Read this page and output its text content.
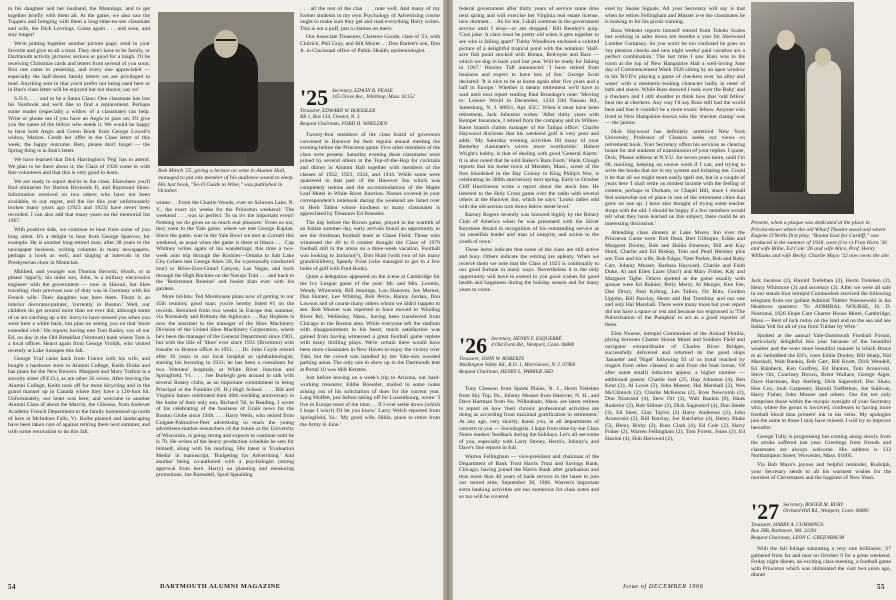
to his daughter and her husband, the Mannings, and to get together briefly with them all. At the game, we also saw the Tuppers and bringing with them a long-time-no-see classmate and wife, the Dick Lovrings. Come again . . . and soon, and stay longer!

We're putting together another picture page; send in your favorite and give us all a treat. They don't have to be family, or Dartmouth activity pictures; serious or good for a laugh. I'll be receiving Christmas cards and letters from several of you soon; first one came in yesterday, and every one appreciated — especially the half-dozen family letters we are privileged to read. Anything sent in that you'd prefer not being used here or in Bun's class letter will be enjoyed but not shown; say so!

S.O.S. . . . and to be a Santa Claus: One classmate has lost his Yearbook and we'd like to find a replacement. Perhaps some reader (especially a widow of a classmate) can help. Write or phone me if you have an Aegis to pass on; I'll give you the name of the fellow who needs it. We would be happy to have both Aegis and Green Book from George Lowell's widow, Marion. Credit her offer in the Class letter of this week; the happy outcome. Bets, please don't forget — the Spring thing is in Bun's letter.

We have learned that Dick Harrington's 'Peg' has to attend. We plan to be there about it; the Class of 1926 come in with fine volunteers and that this is very good to learn.

We are ready to report dea'hs in the class. Elsewhere you'll find obituaries for Burton Reynolds II, and Raymond Shaw. Information received on two others who have not been available, to our regret, and the list this year unfortunately broken many years ago (1923 and 1923) have never been recorded. I can also add that many years on the memorial list 1967.

With positive side, we continue to hear from some of you long silent. It's a delight to hear from George Sparrow, for example. He is another long-retired man; after 38 years in the newspaper business, writing columns in many newspapers, perhaps a book as well, and singing at intervals in the Presbyterian choir in Montclair.

Mildred, and younger son Thomas Herwitz, Hoofs, or at please 'oppa'ly, his older son, John, is a military electronics engineer with the government — now in Hawaii, but likes traveling; their previous tour of duty was in Germany with his French wife. Their daughter was born there. Thom is an interior decorator-painter, 'currently in Boston.' Well, our children do get around more than we ever did, although some of us are catching up a bit. Sorry to have missed you when you were here a while back, but plan on seeing you on that 'more extended visit.' He reports having met Tom Bailey, son of our Ed, on day in the Old Breakfast (Vermont) bank where Tom is a local officer. Heard again from George Vrolijk, who visited recently at Lake Sunapee this fall.

George Yraf came back from France with his wife, and bought a hardware store in Alumni College, Keith Drake and has plans for the New Bowers. Margaret and Mary Trafton is a sorority sister (P.E.O.), as are other 26 wives. After leaving the Alumni College, Keith took off for more bicycling and in the grand manner up in Canada where they have a 120-foot hit. Unfortunately, our heart was here; and welcome to another Alumni Class of about the Marvin, the Gibsons, from Andover Academy French Department to the family homestead up north of here at McIndoes Falls, Vt. Bulbs planted and landscaping have been taken care of against retiring there next summer, and with some renovation to do this fall.

Bob Minch '25, giving a lecture on wine in Alumni Hall, managed to put one member of his audience sound to sleep. His last book, "So-O Guide to Wine," was published in October.

. . . all the rest of the clan . . . note well. And many of my former students in my own Psychology of Advertising course ought to make sure they get and read everything Harry writes. This is not a puff, just a citation on merit.

Our Associate Treasurer, Clarence Goode, class of '23, with Chilrick, Phil Gray, and Bill Moyer. . . Don Barlett's son, Don Jr. in Cincinnati office of Public Health; epidemiologist.

'25 Secretary, EDWIN B. PEASE
105 Grove Ave., Winthrop, Mass. 02152
Treasurer, EDWARD W. BOESSLER
RR 1, Box 134, Chester, N. J.
Bequest Chairman, FORD H. WHELDEN

Twenty-four members of the class board of governors convened in Hanover for their regular annual meeting the evening before the Princeton game. Five other members of the class were present. Saturday evening these classmates were joined by several others at the Top-of-the-Hop for cocktails and dinner in Alumni Hall together with members of the classes of 1922, 1923, 1924, and 1934. While some were quartered in that part of the Hanover Inn which was completely redone and the accommodations of the Maple Leaf Motel in White River Junction. Names covered in your correspondent's notebook during the weekend are listed over to Herb Talbot whose kindness to many classmates is appreciated by Treasurer Ed Boessler.

The day before the Brown game, played in the warmth of an Indian summer day, early arrivals found an opportunity to see the freshman football team at Chase Field. Those who witnessed the 40 to 8 contest thought the Class of 1970 football still in the arena on a three-week vacation. Football was looking to Jackson(?), Don Hunt (with two of his many grandchildren), Speedy Frost (who managed to get in a few holes of golf with Fred Bonk).

Quite a delegation appeared on the scene at Cambridge for the Ivy League game of the year: Mr. and Mrs. Loomis, Wendy Whitcomb, Bill Jennings, Lon Hanover, Joe Merner, Dan Hunter, Lee Whiting, Bob Perce, Bunny Jordan, Don Lawson and of course many others whom we didn't happen to see. Bob Weaver was reported to have moved to Winding River Rd., Wellesley, Mass., having been transferred from Chicago to the Boston area. While everyone left the stadium with disappointment in his heart, much satisfaction was gained from having witnessed a great football game replete with many thrilling plays. We're certain there would have been more classmates in New Haven to enjoy the victory over Yale, but the crowd was handled by the Yale-size wooded parking areas. The only one to show up in the Dartmouth tent at Portal 10 was Milt Kersten.

Just before leaving on a week's trip to Arizona, our hard-working treasurer, Eddie Boessler, mailed in some notes arising out of his solicitation of dues for the current year. Lang Moffett, just before taking off for Luxembourg, wrote: 'I live in Europe most of the time. . . If I ever settle down (which I hope I won't) I'll let you know.' Larry Welch reported from Springfield, Va.: 'My good wife, Hilda, plans to retire from the Army in June.'

winter. . . From the Charlie Woods, over on Schroon Lake, N. Y., the exact six weeks for the Princeton weekend: 'The weekend . . . was so perfect. To us it's the important event! Nothing we do gives us so much real pleasure.' From us too, they went to the Yale game, where we met George Kaplan. Since the game, was in the Yale Bowl we met at Cornell this weekend, as usual when the game is there at Ithaca . . . Cap Whitney writes again of his wanderings; this time a two-week auto trip through the Rockies—Omaha to Salt Lake City (where met George Allen '26, for a personally conducted tour) to Brice-Zion-Grand Canyon, Las Vegas, and back through the High Rockies on the Navajo Trail . . . and back to the 'Retirement Routine' and busier than ever with his gardens.

More tid-bits: Ted Morehouse plans now of getting to our 45th reunion; good man; you're hereby listed #1 on the records. Returned from two weeks in Europe this summer, via Normandy and Brittany the highways. . . Ray Hopkins is now the assistant to the manager of the Shoe Machinery Division of the United Shoe Machinery Corporation, where he's been the manager of the General Department since 1961, but with the title of 'Shoe' ever since 1931 (Brockton) with transfer to Boston office in 1951. . . Dr. John Coyle retired after 36 years in our local hospital as ophthalmologist, starting his lecturing in 1931; he has been a consultant for two Veterans' hospitals, at White River Junction and Springfield, Vt. . . . Joe Burleigh gets around to talk with several Rotary clubs, as an important commitment to being Principal at the Franklin (N. H.) High School. . . . Bill and Virginia James celebrated their 40th wedding anniversary in the home of their only son, Richard '50, in Reading. I wrote of his celebrating of the business of Grain news for the Boston Globe since 1948. . . . Harry Wells, who retired from Colgate-Palmolive-Peet advertising to teach the young advertisers-market researchers of the future at the University of Wisconsin, is going strong and expects to continue until he is 70. He writes of the heavy production schedule he sets for himself, along with his teaching. His latest is 'Evaluation Media' in manuscript, 'Budgeting for Advertising.' And another being co-authored with a psychologist (strong approval from here. Harry) on planning and measuring promotions. Joe Ramsdell, Spud Spaulding

54	DARTMOUTH ALUMNI MAGAZINE

federal government after thirty years of service some time next spring and will exercise her Virginia real estate license, now dormant. . . As for me, I shall continue in the government service until I drop—or am dropped.' Bill Bentley's quip: 'Cost joke: A class must be pretty old when it gets together to see who is falling apart!' Tubby Woodburn enclosed a colored picture of a delightful tropical pond with the notation: 'Half-acre fish pond stocked with Bream, Red-eyes and Bass — which we dug in back yard last year. Will be ready for fishing in 1967.' Hawley Taft announced: 'I have retired from business and expect to have lots of fun.' George Scott declared: 'It is nice to be at home again after five years and a half in Europe.' Whether it means retirement we'll have to wait until next report reading Paul Brundage's note: 'Moving to: Leisure World in December, 1234 Old Nassau Rd., Jamesburg, N. J. 08831, Apt. 65C.' When it must have been retirement, Jack Johnston writes: 'After thirty years with Kemper Insurance, I retired from the company and its Wilkes-Barre branch claims manager of the Tampa office.' Charlie Haywood discloses that his weekend golf is very poor and adds: 'My Saturday evening activities fill many of your Berkeley classmate's wives more worthwhile.' Hubert Wright's hobby, is that of dealing with good 'General Alarm.' It is also noted that he sold Baker's Barn Farm.' Hank Clough reports that his home town of Menden, Mass., scene of the first bloodshed in the Bay Colony in King Philip's War, is celebrating its 300th anniversary next spring. Early in October Cliff Hutchinson wrote a report about the stock line. He listened to the Holy Cross game over the radio with several others at the Hanover Inn, which he says: 'Looks rather odd with the old section torn down below street level.'

Barney Rogers recently was honored highly by the Rotary Club of America when he was presented with the Silver Keystone Award in recognition of his outstanding service as 'an unselfish leader and man of integrity and action to the youth of town.'

These items indicate that some of the class are still active and busy. Others indicate the retiring are aplenty. When we receive them we note that the Class of 1925 is continually to our good fortune in many ways. Nevertheless it is the only opportunity will have to extend to you good wishes for good health and happiness during the holiday season and for many years to come.

'26 Secretary, HENRY F. ESQUERRÉ
4 Old Farm Rd., Westport, Conn. 06880
Treasurer, JOHN W. ROBERTS
Washington Valley Rd., R.D. 1, Morristown, N. J. 07960
Bequest Chairman, HENRY L. PARKER 3RD

Tony Chesson from Sports Plains, N. J., Herm Treleben from Sky Top, Pa., Johnny Musser from Hanover, N. H., and Dave Hartman from No. Wilbraham, Mass. are latest retirees to report on how 'their chronic professional activities are doing as according from maximal gratification in retirement.' At any age, very shortly, thank you, in all departments of concern to you — Sociologists. I hope from time-by-me Class Notes readers' feedback during the holidays. Let's all see some of you, especially with Larry Stoney, Herm's, Johnny's, and Dave's fine reports in full.

Warren Fellingham — vice-president and chairman of the Department of Bank Trust Harris Trust and Savings Bank, Chicago, having joined the Harris Bank after graduation and thus more than 40 years of bank service in the latest to join our retired elite, September 30, 1966. Warren's important extra banking activities are too numerous for class notes and so too will be covered

ered by Snoke Signals. All your Secretary will say is that when he retires Fellingham and Musser a-re the classmates he is looking to for his picnic training.

Russ Webster reports himself retired from Toledo Scales but working in sales down ten months a year for Sherwood Lumber Company. So you won't be too confused he goes on 'my pension checks and new eight weeks' paid vacation are a perfect combination.' The last time I saw Russ was in his room at the top of New Hampshire Hall a well-loving June day of Commencement Week 1926 sitting by an open window in his 'BVD's' playing a game of checkers over 'an alley and water' with a mesmeric-looking character badly in need of bath and shave. While Russ showed I took over the Baby' and a checkers and I still shudder to think how that 'odd fellow' beat me at checkers. Any way I'd say Russ still had the world beat and that it couldn't be a more exotic fellow. Anyone who lived in New Hampshire knows who the 'checker champ' was — the janitor.

Dick Haywood has definitely unretired New York University Professor of Classics seeks our views on retirement book. Your Secretary offers his services as clearing house for and students of transmission of your replies. I quote, Dick, 'Please address at N.Y.U. for seven years more, until I'm 68, teaching, keeping on course work if I can, and trying to write the books that are in my system and irritating me. Could it be that all we might more easily spell out, but in a couple of years here 'I shall retire on modest income with the feeling of content, perhaps to Durham, or Chapel Hill, since I should feel somewhat out of place in one of the retirement cities that grew on one up. I have also thought of trying some teacher shops with the old. I should be happy if a few members would tell what they have learned on this subject, there could be an interesting discussion.'

Attending class dinners at Lake Morey Inn over the Princeton Game were: Bob Dean, Bert Gillespie, Eddie and Margaret Dooley, Bob and Hulda Emerson, Bill and Kay Hurd, Charlie and Ed Bishop, Tom and Pearl Hershey plus son Tom and his wife, Bob Edgar, Nate Parker, Bob and Ruby Carr, Johnny Musser, Barbara Hayward, Charlie and Faith Duke, Al and Ellen Lazer (Jon?) and Mary Fisher, Kay and Margaret Tighe. Others spotted at the game usually with spouse were Ed Rainier, Perly Merry, Al Mezger, Ken Fee, Dan Drury, Paul Kybrag, Les Tallon, Oz Ritts, Gordon Upjohn, Bill Barclay, Herm and Hal Tremblay and our one and only Hal Marshall. There were many more but your report did not have a space or rest and because too engrossed in 'The Pulverization of the Pumpkin' to act as a good reporter of them.

Elon Nourse, intrepid Commodore of the Annual Flotilla, plying between Charter House Motel and Soldiers Field and navigator extraordinaire of Charles River Bridges, successfully delivered and returned its the good ships 'Jannette' and 'Nigel' following 93 of us (total reached by ringers from other classes) to and from the boat house, 'Of after some small) inductors appear, a higher number — additional guests: Charlie Joel (25, Hap Johnston (4), Ben Kent (2), Al Lowe (2), John Musser, Hal Marshall (2), Wes McClintock (2), Charlie McKenna (2), Ross Newcomb (2), Don Nostrand (4), Stew Orr (3), Walt Rankin (6), Hank Ruderlor (2), Bob Sillmer (2), Dick Sagendorf (4), Don Steele (3), Ed Steel, Clay Taylor (3) Harry Anderson (2), John Aronovski (2), Bill Barclay, Joe Batchelor (4), Henry Blake (5), Henry Bixby (2), Russ Clark (4), Ed Cole (2), Harry Fisher (2), Warren Fellingham (2), Tom Forest, Jones (2), Ed Hanlon (4), Hub Harwood (2),

Present, when a plaque was dedicated at the place in Provincetown where the old Wharf Theatre stood and where Eugene O'Neills first play, "Bound East for Cardiff," was produced in the summer of 1916, were (l to r) Fran Horn '30 and wife Billie, Ed Cole '26 and wife Alice, Prof. Henry Williams and wife Becky. Charlie Mayo '32 now owns the site.

Jack Jacobus (2), Harold Trefethen (2), Herm Treleben (2), Henry Whitmore (2) and secretary (2). After we were all safe in our stands four intrepid Commodore received the following telegram from our gallant Admiral Tubber Warsnewski in his Heathrow quarters: 'To ADMIRAL NOURSE, H. D. Nostrand, 1926 Slope Care Charter House Motel, Cambridge, Mass.— Best of luck today on the land and on the sea and see Indian Yell for all of you from Tubber by Wire.'

Spotted at the annual Yale-Dartmouth Football Forum, particularly delightful this year because of the beautiful weather and the even more beautiful manner in which Bruce et al. befuddled the Eli's, were Eddie Dooley, Bill Sharp, Hal Marshall, Walt Rankin, Bob Carr, Bill Knott, Dick Wendell, Ed Rainbeck, Ken Godfrey, Ed Hanlon, Tom Aronovski, Steve Orr, Courtney Brown, Brent Wallace, George Alger, Dave Harriman, Ray Sterling, Dick Sagendorf, Doc Shaw, Hoe Cox, Stub Carpenter, Harold Treffethen, Joe Sullivan, Harry Fisher, John Musser and others. Our list not only comprises those within the myopic eyesight of your Secretary who, where the genus is involved, confesses to having more football blood than printers' ink in his veins. My apologies just the same to those I may have missed. I will try to improve hereafter.

George Tully is progressing but coming along slowly from the stroke suffered last year. Greetings from friends and classmates are always welcome. His address is 133 Northampton Street, Worcester, Mass. 01605.

Via Bob Mays's joyous and helpful reminder, Rudolph, your Secretary sends to all his warmest wishes for the merriest of Christmases and the happiest of New Years.

'27 Secretary, ROGER M. BURY
Orchard Hill Rd., Westport, Conn. 06880
Treasurer, HARRY A. CUMMINGS
Box 28B, Baltimore, Md. 21201
Bequest Chairman, LEON C. GREENBAUM

With the fall foliage saturating a very rare brilliance, '27 gathered from far and near on October 9 for a great weekend. Friday night dinner, an exciting class meeting, a football game with Princeton which was obliterated the visit two years ago, dinner

Issue of DECEMBER 1966	55
